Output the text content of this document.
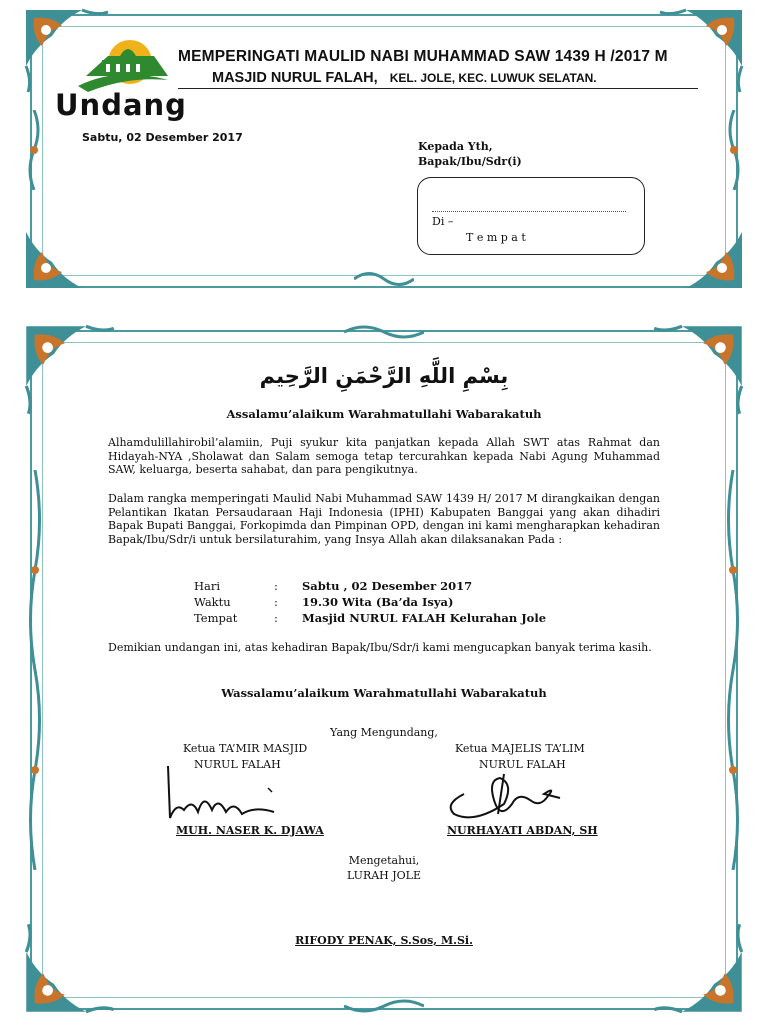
MEMPERINGATI MAULID NABI MUHAMMAD SAW 1439 H /2017 M
MASJID NURUL FALAH, KEL. JOLE, KEC. LUWUK SELATAN.
Undang
Sabtu, 02 Desember 2017
Kepada Yth,
Bapak/Ibu/Sdr(i)
Di –
T e m p a t
بِسْمِ اللَّهِ الرَّحْمَنِ الرَّحِيم
Assalamu’alaikum Warahmatullahi Wabarakatuh
Alhamdulillahirobil’alamiin, Puji syukur kita panjatkan kepada Allah SWT atas Rahmat dan Hidayah-NYA ,Sholawat dan Salam semoga tetap tercurahkan kepada Nabi Agung Muhammad SAW, keluarga, beserta sahabat, dan para pengikutnya.
Dalam rangka memperingati Maulid Nabi Muhammad SAW 1439 H/ 2017 M dirangkaikan dengan Pelantikan Ikatan Persaudaraan Haji Indonesia (IPHI) Kabupaten Banggai yang akan dihadiri Bapak Bupati Banggai, Forkopimda dan Pimpinan OPD, dengan ini kami mengharapkan kehadiran Bapak/Ibu/Sdr/i untuk bersilaturahim, yang Insya Allah akan dilaksanakan Pada :
Hari	:	Sabtu , 02 Desember 2017
Waktu	:	19.30 Wita (Ba’da Isya)
Tempat	:	Masjid NURUL FALAH Kelurahan Jole
Demikian undangan ini, atas kehadiran Bapak/Ibu/Sdr/i kami mengucapkan banyak terima kasih.
Wassalamu’alaikum Warahmatullahi Wabarakatuh
Yang Mengundang,
Ketua TA’MIR MASJID
NURUL FALAH
MUH. NASER K. DJAWA
Ketua MAJELIS TA’LIM
NURUL FALAH
NURHAYATI ABDAN, SH
Mengetahui,
LURAH JOLE
RIFODY PENAK, S.Sos, M.Si.
